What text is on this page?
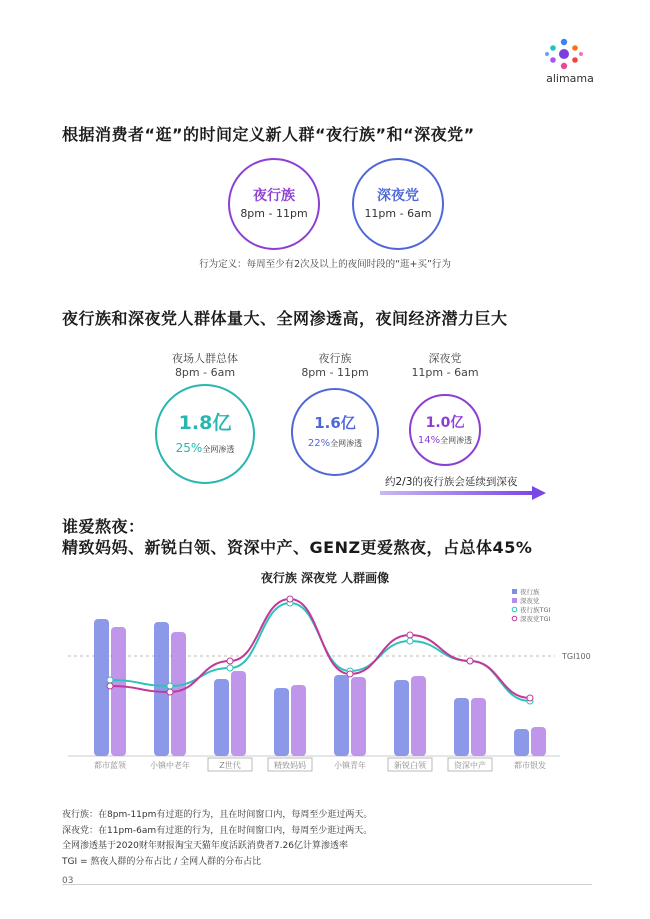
alimama
根据消费者“逛”的时间定义新人群“夜行族”和“深夜党”
夜行族
8pm - 11pm
深夜党
11pm - 6am
行为定义：每周至少有2次及以上的夜间时段的“逛+买”行为
夜行族和深夜党人群体量大、全网渗透高，夜间经济潜力巨大
夜场人群总体
8pm - 6am
1.8亿
25%全网渗透
夜行族
8pm - 11pm
1.6亿
22%全网渗透
深夜党
11pm - 6am
1.0亿
14%全网渗透
约2/3的夜行族会延续到深夜
谁爱熬夜：
精致妈妈、新锐白领、资深中产、GENZ更爱熬夜，占总体45%
夜行族 深夜党 人群画像
TGI100
都市蓝领	小镇中老年	Z世代	精致妈妈	小镇青年	新锐白领	资深中产	都市银发
夜行族
深夜党
夜行族TGI
深夜党TGI
夜行族：在8pm-11pm有过逛的行为，且在时间窗口内，每周至少逛过两天。
深夜党：在11pm-6am有过逛的行为，且在时间窗口内，每周至少逛过两天。
全网渗透基于2020财年财报淘宝天猫年度活跃消费者7.26亿计算渗透率
TGI = 熬夜人群的分布占比 / 全网人群的分布占比
03
